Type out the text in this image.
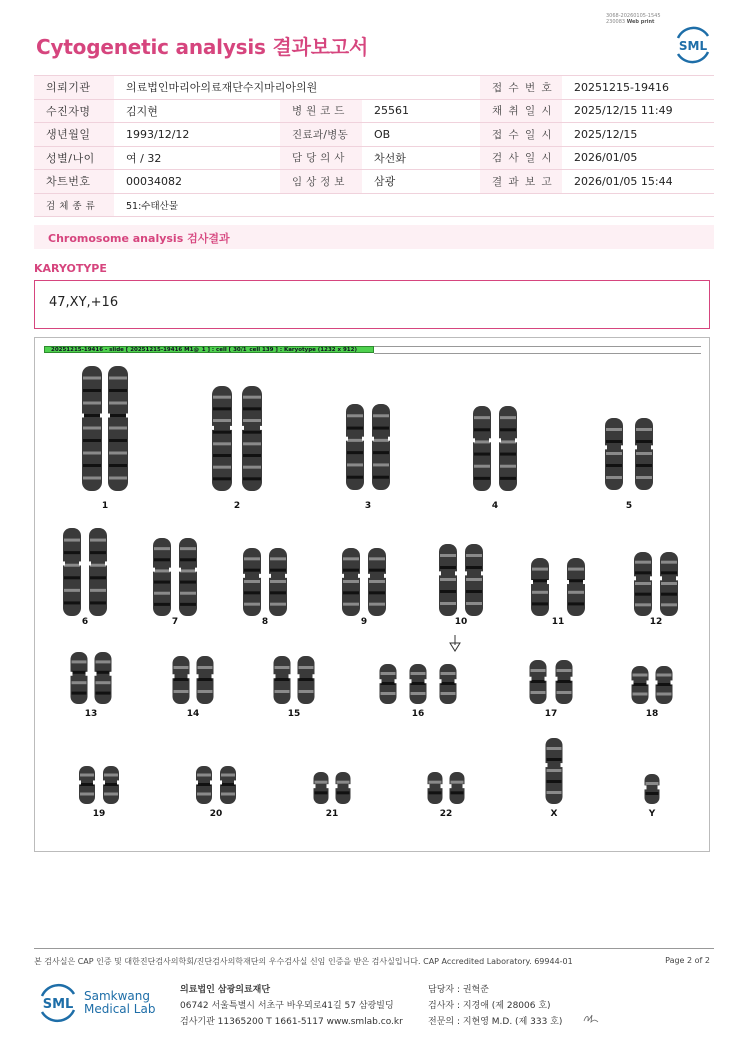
3068-20260105-1545
230083 Web print
Cytogenetic analysis 결과보고서	SML
의뢰기관	의료법인마리아의료재단수지마리아의원			접 수 번 호	20251215-19416
수진자명	김지현	병 원 코 드	25561	채 취 일 시	2025/12/15 11:49
생년월일	1993/12/12	진료과/병동	OB	접 수 일 시	2025/12/15
성별/나이	여 / 32	담 당 의 사	차선화	검 사 일 시	2026/01/05
차트번호	00034082	임 상 정 보	삼광	결 과 보 고	2026/01/05 15:44
검 체 종 류	51:수태산물				
Chromosome analysis 검사결과
KARYOTYPE
47,XY,+16
20251215-19416 - slide [ 20251215-19416 M1@_1 ] : cell [ 30/1_cell 139 ] : Karyotype (1232 x 912)
1	2	3	4	5
6	7	8	9	10	11	12
13	14	15	16	17	18
19	20	21	22	X	Y
본 검사실은 CAP 인증 및 대한진단검사의학회/진단검사의학재단의 우수검사실 신임 인증을 받은 검사실입니다. CAP Accredited Laboratory. 69944-01	Page 2 of 2
SML
Samkwang
Medical Lab
의료법인 삼광의료재단
06742 서울특별시 서초구 바우뫼로41길 57 삼광빌딩
검사기관 11365200 T 1661-5117 www.smlab.co.kr
담당자 : 권혁준
검사자 : 지경애 (제 28006 호)
전문의 : 지현영 M.D. (제 333 호)
